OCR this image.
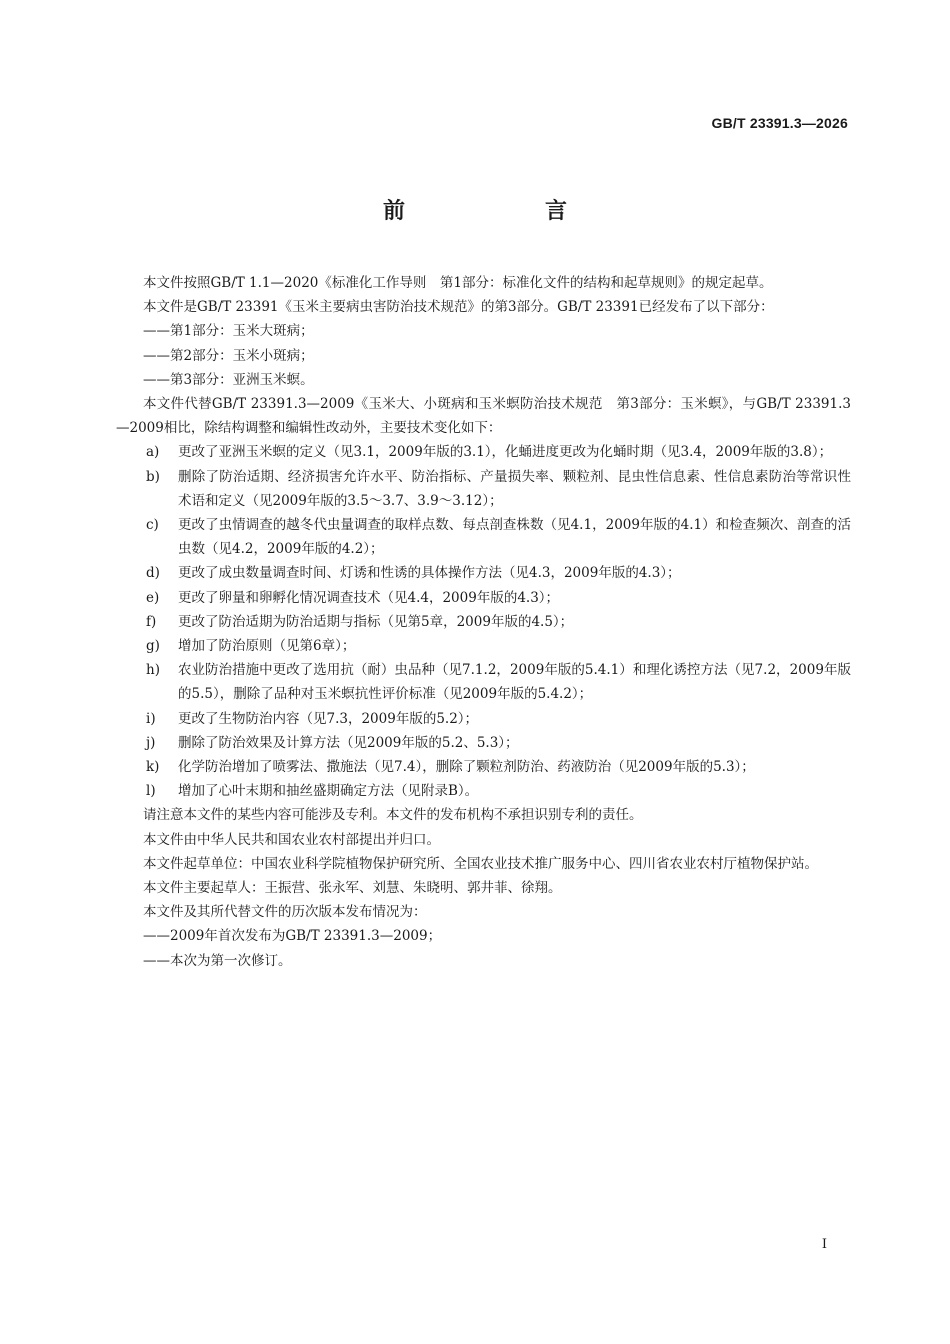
GB/T 23391.3—2026
前　　言

本文件按照GB/T 1.1—2020《标准化工作导则　第1部分：标准化文件的结构和起草规则》的规定起草。

本文件是GB/T 23391《玉米主要病虫害防治技术规范》的第3部分。GB/T 23391已经发布了以下部分：

——第1部分：玉米大斑病；

——第2部分：玉米小斑病；

——第3部分：亚洲玉米螟。

本文件代替GB/T 23391.3—2009《玉米大、小斑病和玉米螟防治技术规范　第3部分：玉米螟》，与GB/T 23391.3—2009相比，除结构调整和编辑性改动外，主要技术变化如下：

a) 更改了亚洲玉米螟的定义（见3.1，2009年版的3.1），化蛹进度更改为化蛹时期（见3.4，2009年版的3.8）；

b) 删除了防治适期、经济损害允许水平、防治指标、产量损失率、颗粒剂、昆虫性信息素、性信息素防治等常识性术语和定义（见2009年版的3.5～3.7、3.9～3.12）；

c) 更改了虫情调查的越冬代虫量调查的取样点数、每点剖查株数（见4.1，2009年版的4.1）和检查频次、剖查的活虫数（见4.2，2009年版的4.2）；

d) 更改了成虫数量调查时间、灯诱和性诱的具体操作方法（见4.3，2009年版的4.3）；

e) 更改了卵量和卵孵化情况调查技术（见4.4，2009年版的4.3）；

f) 更改了防治适期为防治适期与指标（见第5章，2009年版的4.5）；

g) 增加了防治原则（见第6章）；

h) 农业防治措施中更改了选用抗（耐）虫品种（见7.1.2，2009年版的5.4.1）和理化诱控方法（见7.2，2009年版的5.5），删除了品种对玉米螟抗性评价标准（见2009年版的5.4.2）；

i) 更改了生物防治内容（见7.3，2009年版的5.2）；

j) 删除了防治效果及计算方法（见2009年版的5.2、5.3）；

k) 化学防治增加了喷雾法、撒施法（见7.4），删除了颗粒剂防治、药液防治（见2009年版的5.3）；

l) 增加了心叶末期和抽丝盛期确定方法（见附录B）。

请注意本文件的某些内容可能涉及专利。本文件的发布机构不承担识别专利的责任。

本文件由中华人民共和国农业农村部提出并归口。

本文件起草单位：中国农业科学院植物保护研究所、全国农业技术推广服务中心、四川省农业农村厅植物保护站。

本文件主要起草人：王振营、张永军、刘慧、朱晓明、郭井菲、徐翔。

本文件及其所代替文件的历次版本发布情况为：

——2009年首次发布为GB/T 23391.3—2009；

——本次为第一次修订。

I
